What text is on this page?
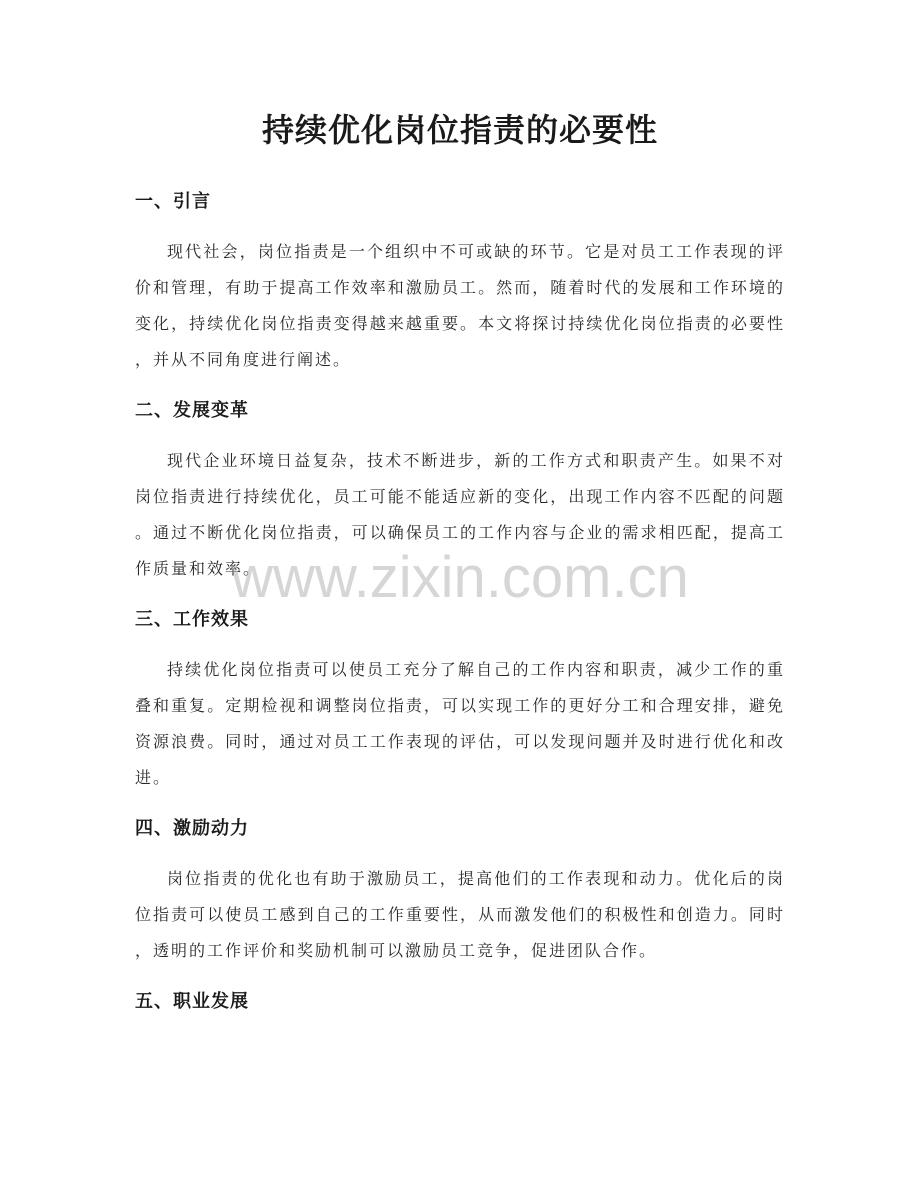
持续优化岗位指责的必要性
一、引言
现代社会，岗位指责是一个组织中不可或缺的环节。它是对员工工作表现的评
价和管理，有助于提高工作效率和激励员工。然而，随着时代的发展和工作环境的
变化，持续优化岗位指责变得越来越重要。本文将探讨持续优化岗位指责的必要性
，并从不同角度进行阐述。
二、发展变革
现代企业环境日益复杂，技术不断进步，新的工作方式和职责产生。如果不对
岗位指责进行持续优化，员工可能不能适应新的变化，出现工作内容不匹配的问题
。通过不断优化岗位指责，可以确保员工的工作内容与企业的需求相匹配，提高工
作质量和效率。
三、工作效果
持续优化岗位指责可以使员工充分了解自己的工作内容和职责，减少工作的重
叠和重复。定期检视和调整岗位指责，可以实现工作的更好分工和合理安排，避免
资源浪费。同时，通过对员工工作表现的评估，可以发现问题并及时进行优化和改
进。
四、激励动力
岗位指责的优化也有助于激励员工，提高他们的工作表现和动力。优化后的岗
位指责可以使员工感到自己的工作重要性，从而激发他们的积极性和创造力。同时
，透明的工作评价和奖励机制可以激励员工竞争，促进团队合作。
五、职业发展
www.zixin.com.cn
